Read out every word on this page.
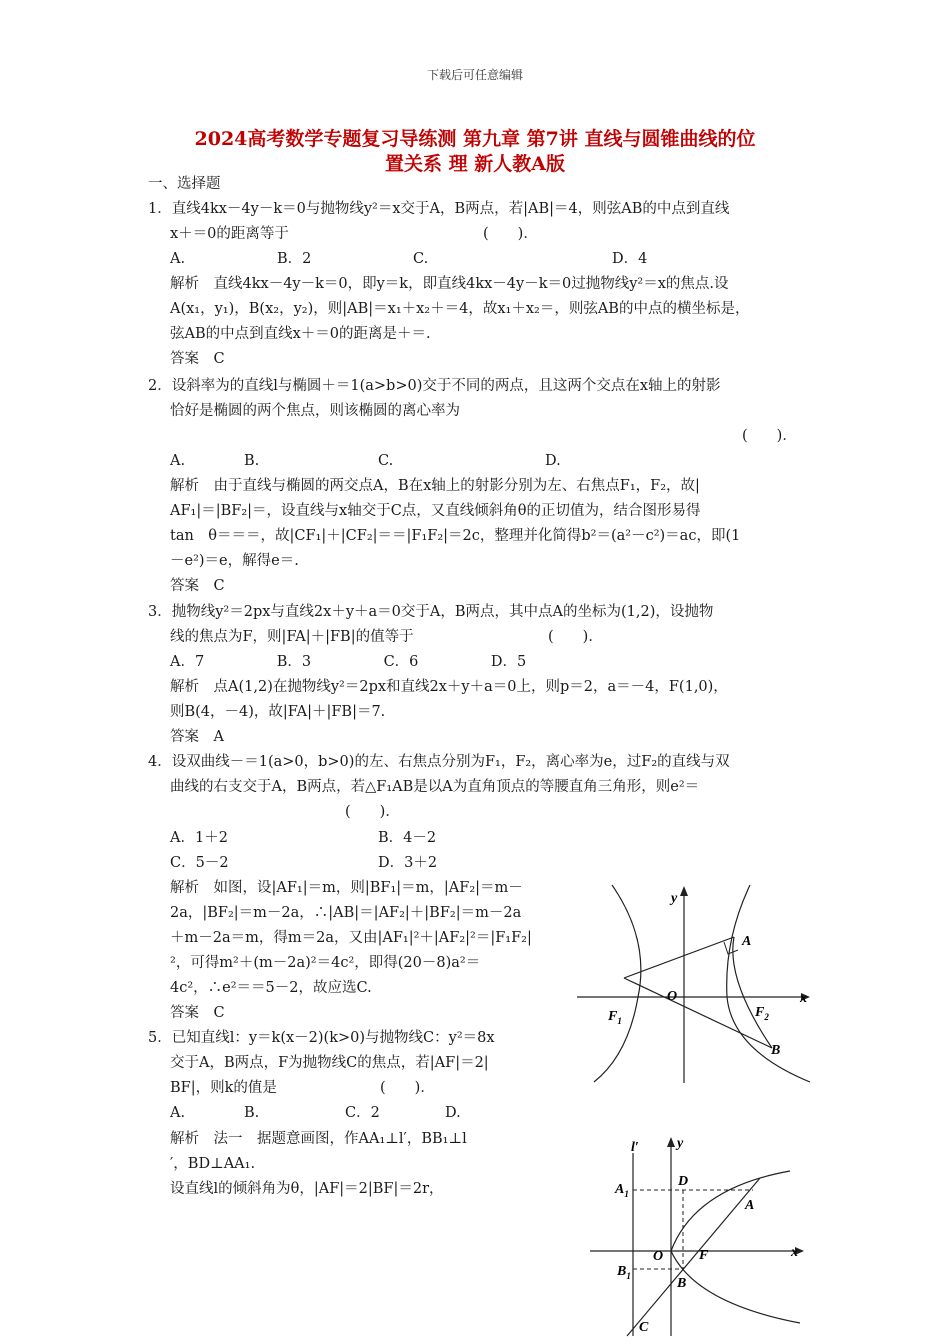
下载后可任意编辑
2024高考数学专题复习导练测 第九章 第7讲 直线与圆锥曲线的位
置关系 理 新人教A版
一、选择题
1．直线4kx－4y－k＝0与抛物线y²＝x交于A，B两点，若|AB|＝4，则弦AB的中点到直线
x＋＝0的距离等于	(　　)．
A.	B．2	C.	D．4
解析　直线4kx－4y－k＝0，即y＝k，即直线4kx－4y－k＝0过抛物线y²＝x的焦点.设
A(x₁，y₁)，B(x₂，y₂)，则|AB|＝x₁＋x₂＋＝4，故x₁＋x₂＝，则弦AB的中点的横坐标是，
弦AB的中点到直线x＋＝0的距离是＋＝.
答案　C
2．设斜率为的直线l与椭圆＋＝1(a>b>0)交于不同的两点，且这两个交点在x轴上的射影
恰好是椭圆的两个焦点，则该椭圆的离心率为
(　　)．
A.	B.	C.	D.
解析　由于直线与椭圆的两交点A，B在x轴上的射影分别为左、右焦点F₁，F₂，故|
AF₁|＝|BF₂|＝，设直线与x轴交于C点，又直线倾斜角θ的正切值为，结合图形易得
tan　θ＝＝＝，故|CF₁|＋|CF₂|＝＝|F₁F₂|＝2c，整理并化简得b²＝(a²－c²)＝ac，即(1
－e²)＝e，解得e＝.
答案　C
3．抛物线y²＝2px与直线2x＋y＋a＝0交于A，B两点，其中点A的坐标为(1,2)，设抛物
线的焦点为F，则|FA|＋|FB|的值等于	(　　)．
A．7　　　　　B．3　　　　　C．6　　　　　D．5
解析　点A(1,2)在抛物线y²＝2px和直线2x＋y＋a＝0上，则p＝2，a＝－4，F(1,0)，
则B(4，－4)，故|FA|＋|FB|＝7.
答案　A
4．设双曲线－＝1(a>0，b>0)的左、右焦点分别为F₁，F₂，离心率为e，过F₂的直线与双
曲线的右支交于A，B两点，若△F₁AB是以A为直角顶点的等腰直角三角形，则e²＝
(　　)．
A．1＋2	B．4－2
C．5－2	D．3＋2
解析　如图，设|AF₁|＝m，则|BF₁|＝m，|AF₂|＝m－
2a，|BF₂|＝m－2a，∴|AB|＝|AF₂|＋|BF₂|＝m－2a
＋m－2a＝m，得m＝2a，又由|AF₁|²＋|AF₂|²＝|F₁F₂|
²，可得m²＋(m－2a)²＝4c²，即得(20－8)a²＝
4c²，∴e²＝＝5－2，故应选C.
答案　C
5．已知直线l：y＝k(x－2)(k>0)与抛物线C：y²＝8x
交于A，B两点，F为抛物线C的焦点，若|AF|＝2|
BF|，则k的值是	(　　)．
A.	B.	C．2	D.
解析　法一　据题意画图，作AA₁⊥l′，BB₁⊥l
′，BD⊥AA₁.
设直线l的倾斜角为θ，|AF|＝2|BF|＝2r，
y
A
$F_1$
O
$F_2$
x
B
y
l′
$A_1$
D
A
O	F	x
$B_1$	B
C
